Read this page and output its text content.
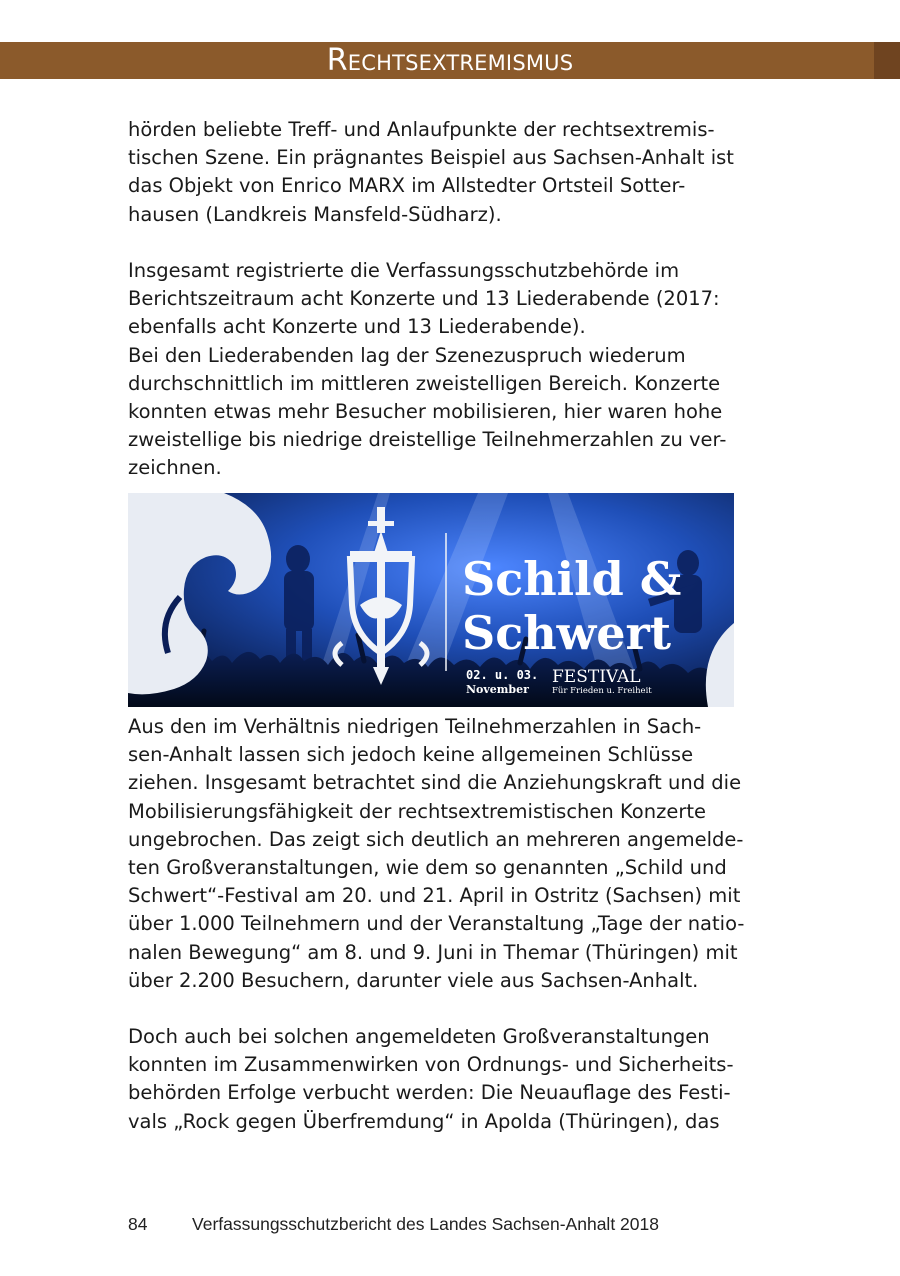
Rechtsextremismus

hörden beliebte Treff- und Anlaufpunkte der rechtsextremis-
tischen Szene. Ein prägnantes Beispiel aus Sachsen-Anhalt ist
das Objekt von Enrico MARX im Allstedter Ortsteil Sotter-
hausen (Landkreis Mansfeld-Südharz).

Insgesamt registrierte die Verfassungsschutzbehörde im
Berichtszeitraum acht Konzerte und 13 Liederabende (2017:
ebenfalls acht Konzerte und 13 Liederabende).
Bei den Liederabenden lag der Szenezuspruch wiederum
durchschnittlich im mittleren zweistelligen Bereich. Konzerte
konnten etwas mehr Besucher mobilisieren, hier waren hohe
zweistellige bis niedrige dreistellige Teilnehmerzahlen zu ver-
zeichnen.

Schild &
Schwert
02. u. 03.
November
FESTIVAL
Für Frieden u. Freiheit

Aus den im Verhältnis niedrigen Teilnehmerzahlen in Sach-
sen-Anhalt lassen sich jedoch keine allgemeinen Schlüsse
ziehen. Insgesamt betrachtet sind die Anziehungskraft und die
Mobilisierungsfähigkeit der rechtsextremistischen Konzerte
ungebrochen. Das zeigt sich deutlich an mehreren angemelde-
ten Großveranstaltungen, wie dem so genannten „Schild und
Schwert“-Festival am 20. und 21. April in Ostritz (Sachsen) mit
über 1.000 Teilnehmern und der Veranstaltung „Tage der natio-
nalen Bewegung“ am 8. und 9. Juni in Themar (Thüringen) mit
über 2.200 Besuchern, darunter viele aus Sachsen-Anhalt.

Doch auch bei solchen angemeldeten Großveranstaltungen
konnten im Zusammenwirken von Ordnungs- und Sicherheits-
behörden Erfolge verbucht werden: Die Neuauflage des Festi-
vals „Rock gegen Überfremdung“ in Apolda (Thüringen), das

84	Verfassungsschutzbericht des Landes Sachsen-Anhalt 2018
